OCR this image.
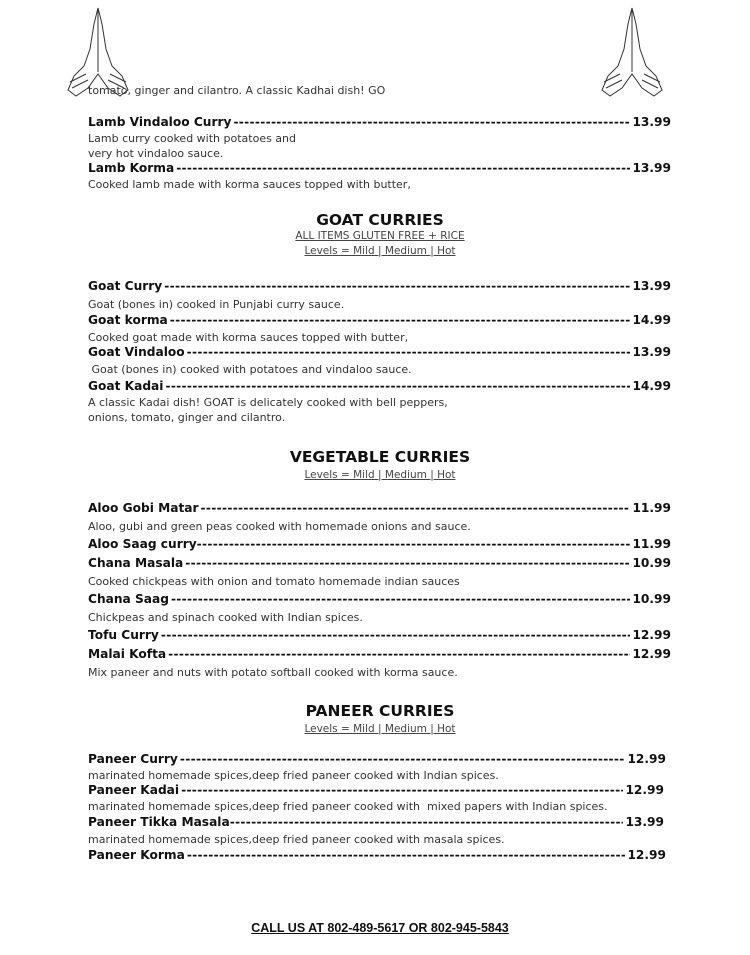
tomato, ginger and cilantro. A classic Kadhai dish! GO
Lamb Vindaloo Curry -----	13.99
Lamb curry cooked with potatoes and
very hot vindaloo sauce.
Lamb Korma -----	13.99
Cooked lamb made with korma sauces topped with butter,
GOAT CURRIES
ALL ITEMS GLUTEN FREE + RICE
Levels = Mild | Medium | Hot
Goat Curry -----	13.99
Goat (bones in) cooked in Punjabi curry sauce.
Goat korma -----	14.99
Cooked goat made with korma sauces topped with butter,
Goat Vindaloo -----	13.99
Goat (bones in) cooked with potatoes and vindaloo sauce.
Goat Kadai -----	14.99
A classic Kadai dish! GOAT is delicately cooked with bell peppers,
onions, tomato, ginger and cilantro.
VEGETABLE CURRIES
Levels = Mild | Medium | Hot
Aloo Gobi Matar -----	11.99
Aloo, gubi and green peas cooked with homemade onions and sauce.
Aloo Saag curry -----	11.99
Chana Masala -----	10.99
Cooked chickpeas with onion and tomato homemade indian sauces
Chana Saag -----	10.99
Chickpeas and spinach cooked with Indian spices.
Tofu Curry -----	12.99
Malai Kofta -----	12.99
Mix paneer and nuts with potato softball cooked with korma sauce.
PANEER CURRIES
Levels = Mild | Medium | Hot
Paneer Curry -----	12.99
marinated homemade spices,deep fried paneer cooked with Indian spices.
Paneer Kadai -----	12.99
marinated homemade spices,deep fried paneer cooked with  mixed papers with Indian spices.
Paneer Tikka Masala -----	13.99
marinated homemade spices,deep fried paneer cooked with masala spices.
Paneer Korma -----	12.99
CALL US AT 802-489-5617 OR 802-945-5843
